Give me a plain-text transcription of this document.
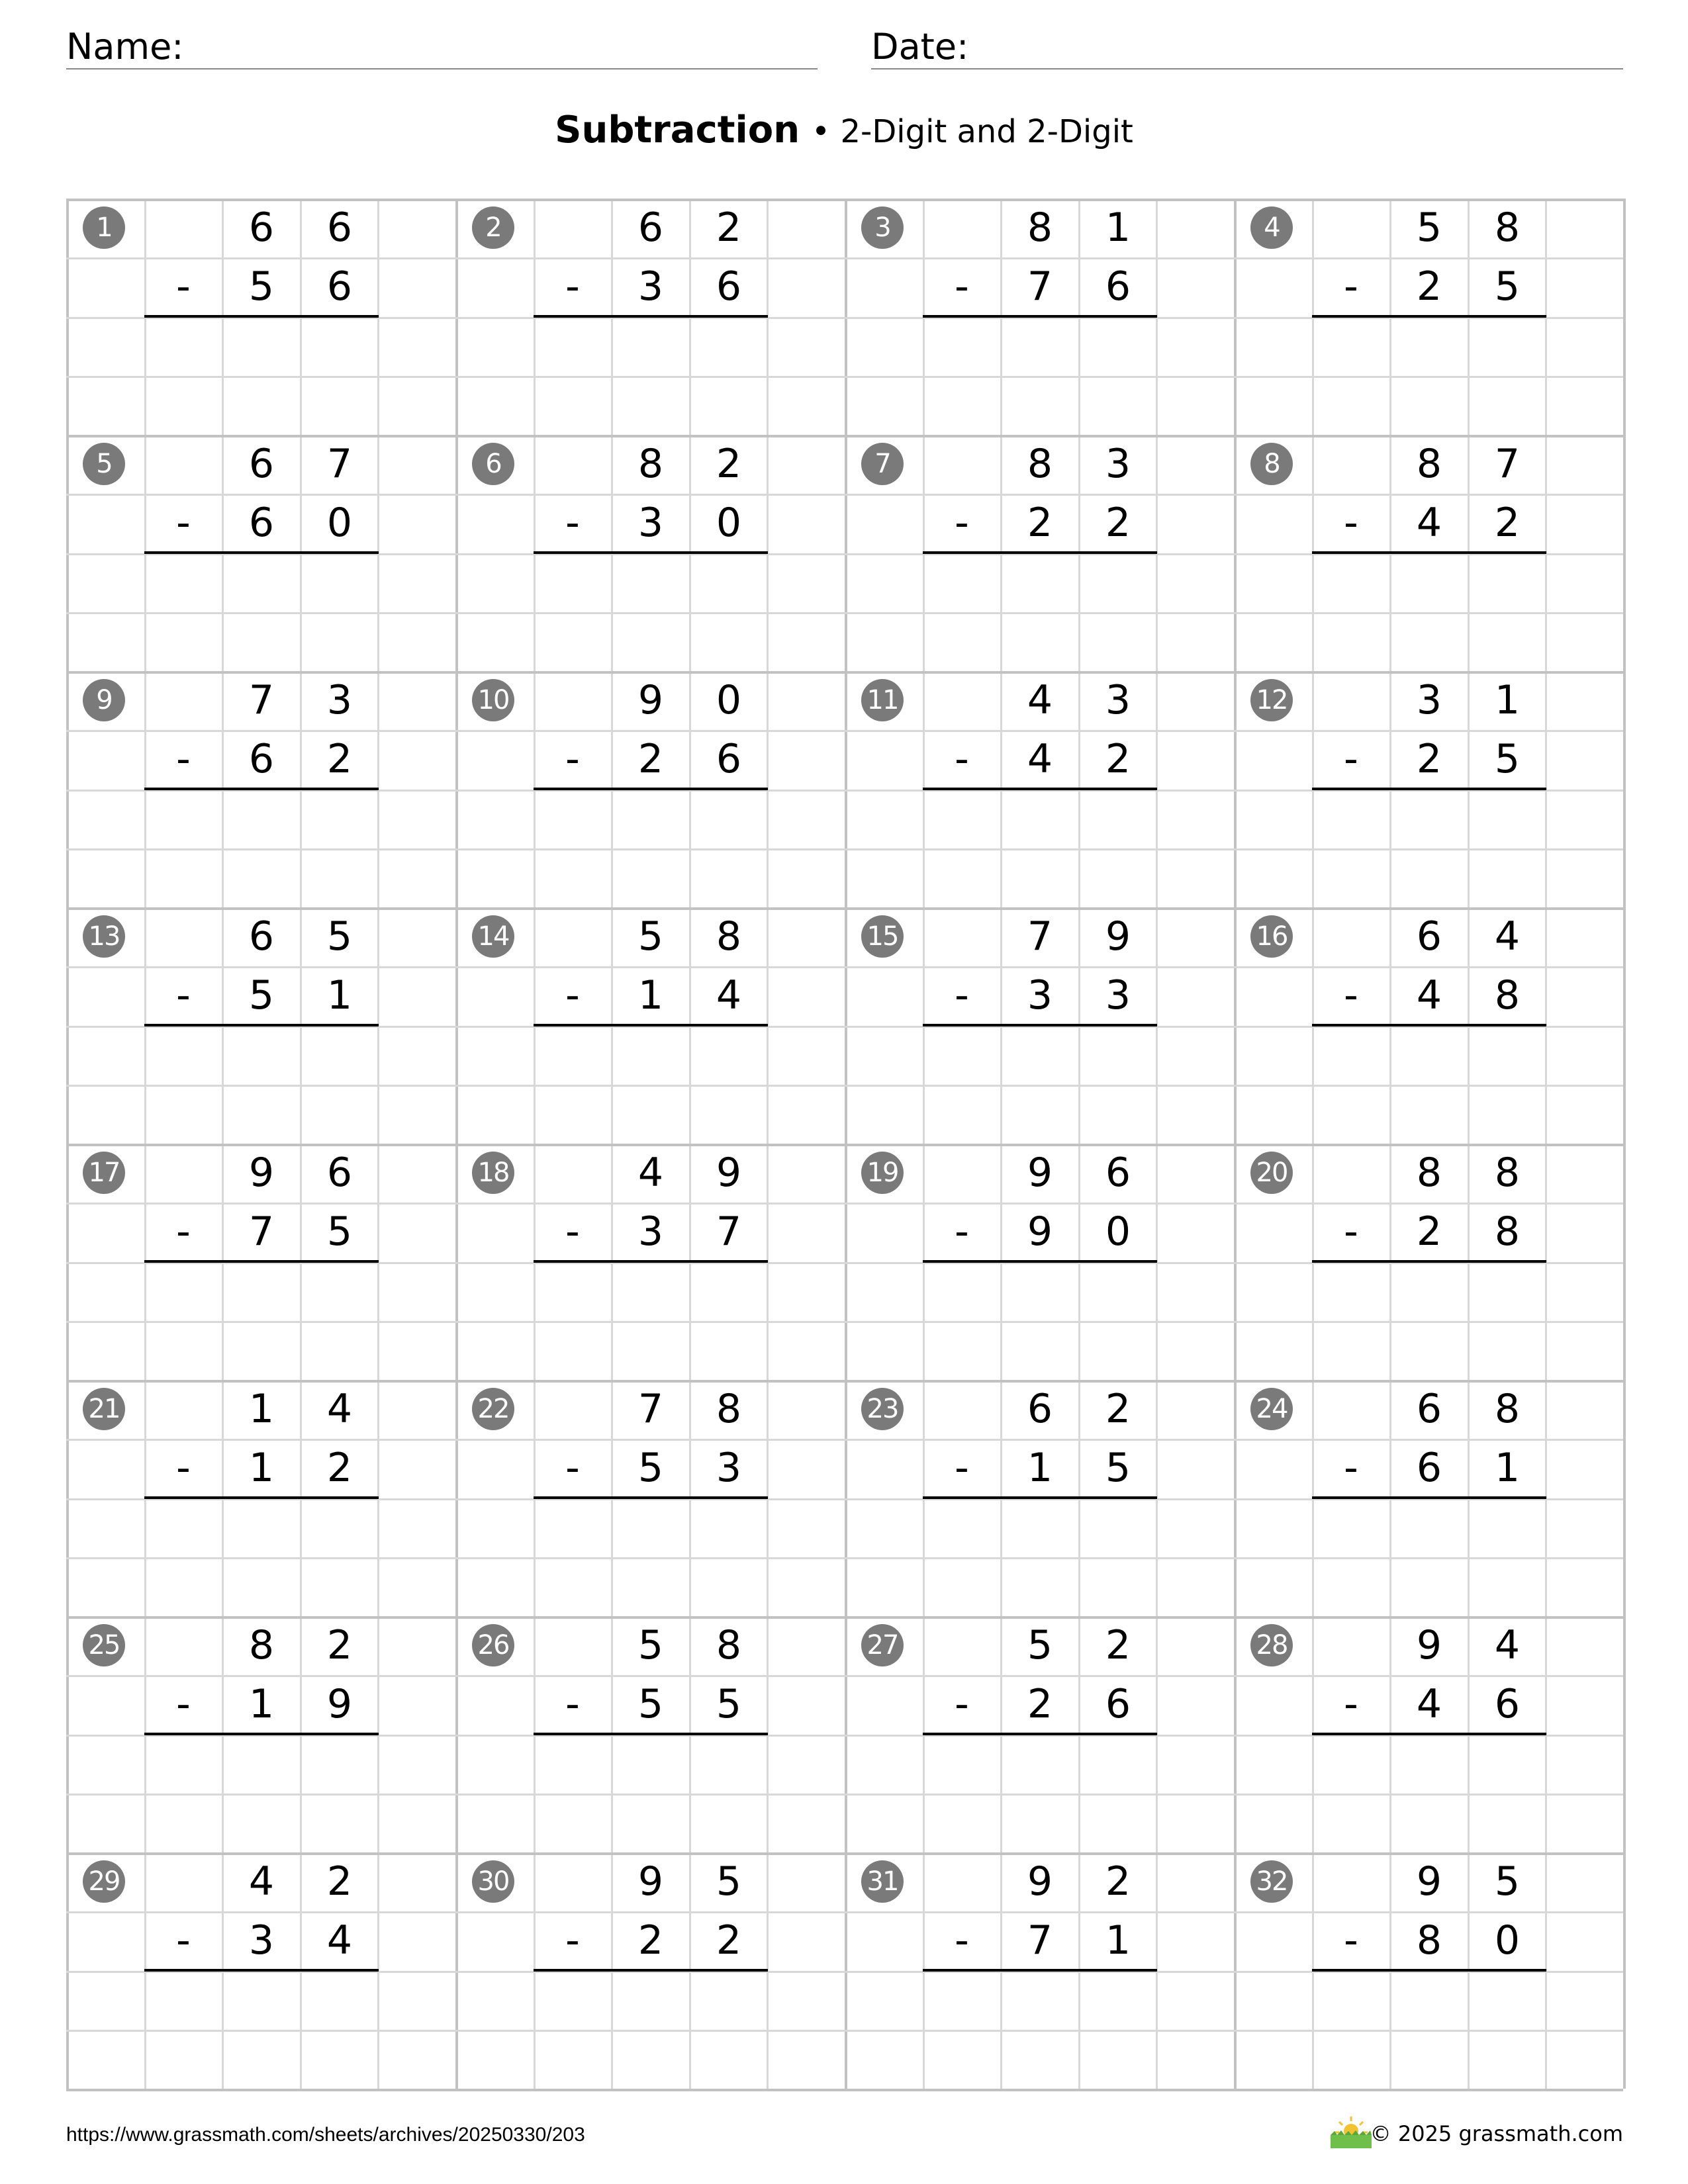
Name:	Date:
Subtraction • 2-Digit and 2-Digit
1	6	6
-	5	6
2	6	2
-	3	6
3	8	1
-	7	6
4	5	8
-	2	5
5	6	7
-	6	0
6	8	2
-	3	0
7	8	3
-	2	2
8	8	7
-	4	2
9	7	3
-	6	2
10	9	0
-	2	6
11	4	3
-	4	2
12	3	1
-	2	5
13	6	5
-	5	1
14	5	8
-	1	4
15	7	9
-	3	3
16	6	4
-	4	8
17	9	6
-	7	5
18	4	9
-	3	7
19	9	6
-	9	0
20	8	8
-	2	8
21	1	4
-	1	2
22	7	8
-	5	3
23	6	2
-	1	5
24	6	8
-	6	1
25	8	2
-	1	9
26	5	8
-	5	5
27	5	2
-	2	6
28	9	4
-	4	6
29	4	2
-	3	4
30	9	5
-	2	2
31	9	2
-	7	1
32	9	5
-	8	0
https://www.grassmath.com/sheets/archives/20250330/203	© 2025 grassmath.com
